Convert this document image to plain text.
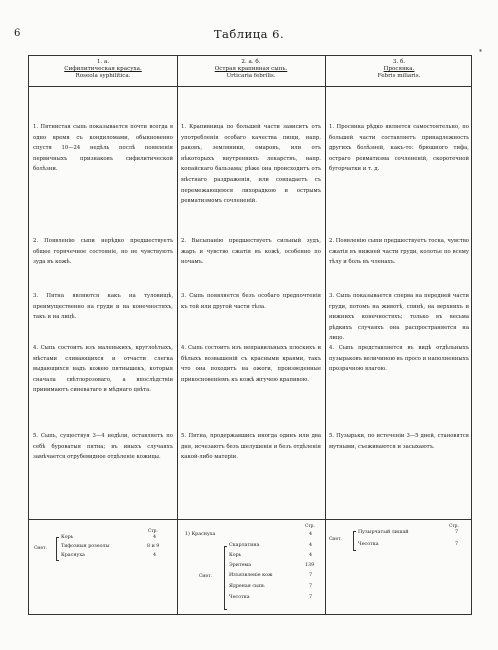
6	Таблица 6.
*
1. a.
Сифилитическая красуха.
Roseola syphilitica.
2. a. б.
Острая крапивная сыпь.
Urticaria febrilis.
3. б.
Просянка.
Febris miliaris.
1. Пятнистая сыпь показывается почти всегда в одно время съ кондиломами, обыкновенно спустя 10—24 недѣль послѣ появленія первичныхъ признаковъ сифилитической болѣзни.
1. Крапивница по большей части зависитъ отъ употребленія особаго качества пищи, напр. раковъ, земляники, омаровъ, или отъ нѣкоторыхъ внутреннихъ лекарствъ, напр. копайскаго бальзама; рѣже она происходитъ отъ мѣстнаго раздраженія, или совпадаетъ съ перемежающеюся лихорадкою и острымъ ревматизмомъ сочлененій.
1. Просянка рѣдко является самостоятельно, по большей части составляетъ принадлежность другихъ болѣзней, какъ-то: брюшного тифа, остраго ревматизма сочлененій, скоротечной бугорчатки и т. д.
2. Появленію сыпи нерѣдко предшествуетъ общее горячечное состояніе, но не чувствуютъ зуда въ кожѣ.
2. Высыпанію предшествуетъ сильный зудъ, жаръ и чувство сжатія въ кожѣ, особенно по ночамъ.
2. Появленію сыпи предшествуетъ тоска, чувство сжатія въ нижней части груди, колотье по всему тѣлу и боль въ членахъ.
3. Пятна являются какъ на туловищѣ, преимущественно на груди и на конечностяхъ, такъ и на лицѣ.
3. Сыпь появляется безъ особаго предпочтенія къ той или другой части тѣла.
3. Сыпь показывается сперва на передней части груди, потомъ на животѣ, спинѣ, на верхнихъ и нижнихъ конечностяхъ; только въ весьма рѣдкихъ случаяхъ она распространяется на лицо.
4. Сыпь состоитъ изъ маленькихъ, круглоѣтыхъ, мѣстами сливающихся и отчасти слегка выдающихся надъ кожею пятнышекъ, которыя сначала свѣтлорозоваго, а впослѣдствіи принимаютъ синеватаго и мѣднаго цвѣта.
4. Сыпь состоитъ изъ неправильныхъ плоскихъ и бѣлыхъ возвышеній съ красными краями, такъ что она походитъ на ожоги, произведенные прикосновеніемъ къ кожѣ жгучею крапивою.
4. Сыпь представляется въ видѣ отдѣльныхъ пузырьковъ величиною въ просо и наполненныхъ прозрачною влагою.
5. Сыпь, существуя 3—4 недѣли, оставляетъ по себѣ буроватыя пятна; въ иныхъ случаяхъ замѣчается отрубевидное отдѣленіе кожицы.
5. Пятна, продержавшись иногда одинъ или два дня, исчезаютъ безъ шелушенія и безъ отдѣленія какой-либо матеріи.
5. Пузырьки, по истеченіи 3—5 дней, становятся мутными, съеживаются и засыхаютъ.
Стр.
Смот.
Корь	4
Тифозныя розеолы	8 и 9
Краснуха	4
Стр.
1) Краснуха	4
Смот.
Скарлатина	4
Корь	4
Эритема	139
Изъязвленіе кож	7
Ядреная сыпь	7
Чесотка	7
Стр.
Смот.
Пузырчатый лишай	7
Чесотка	7
